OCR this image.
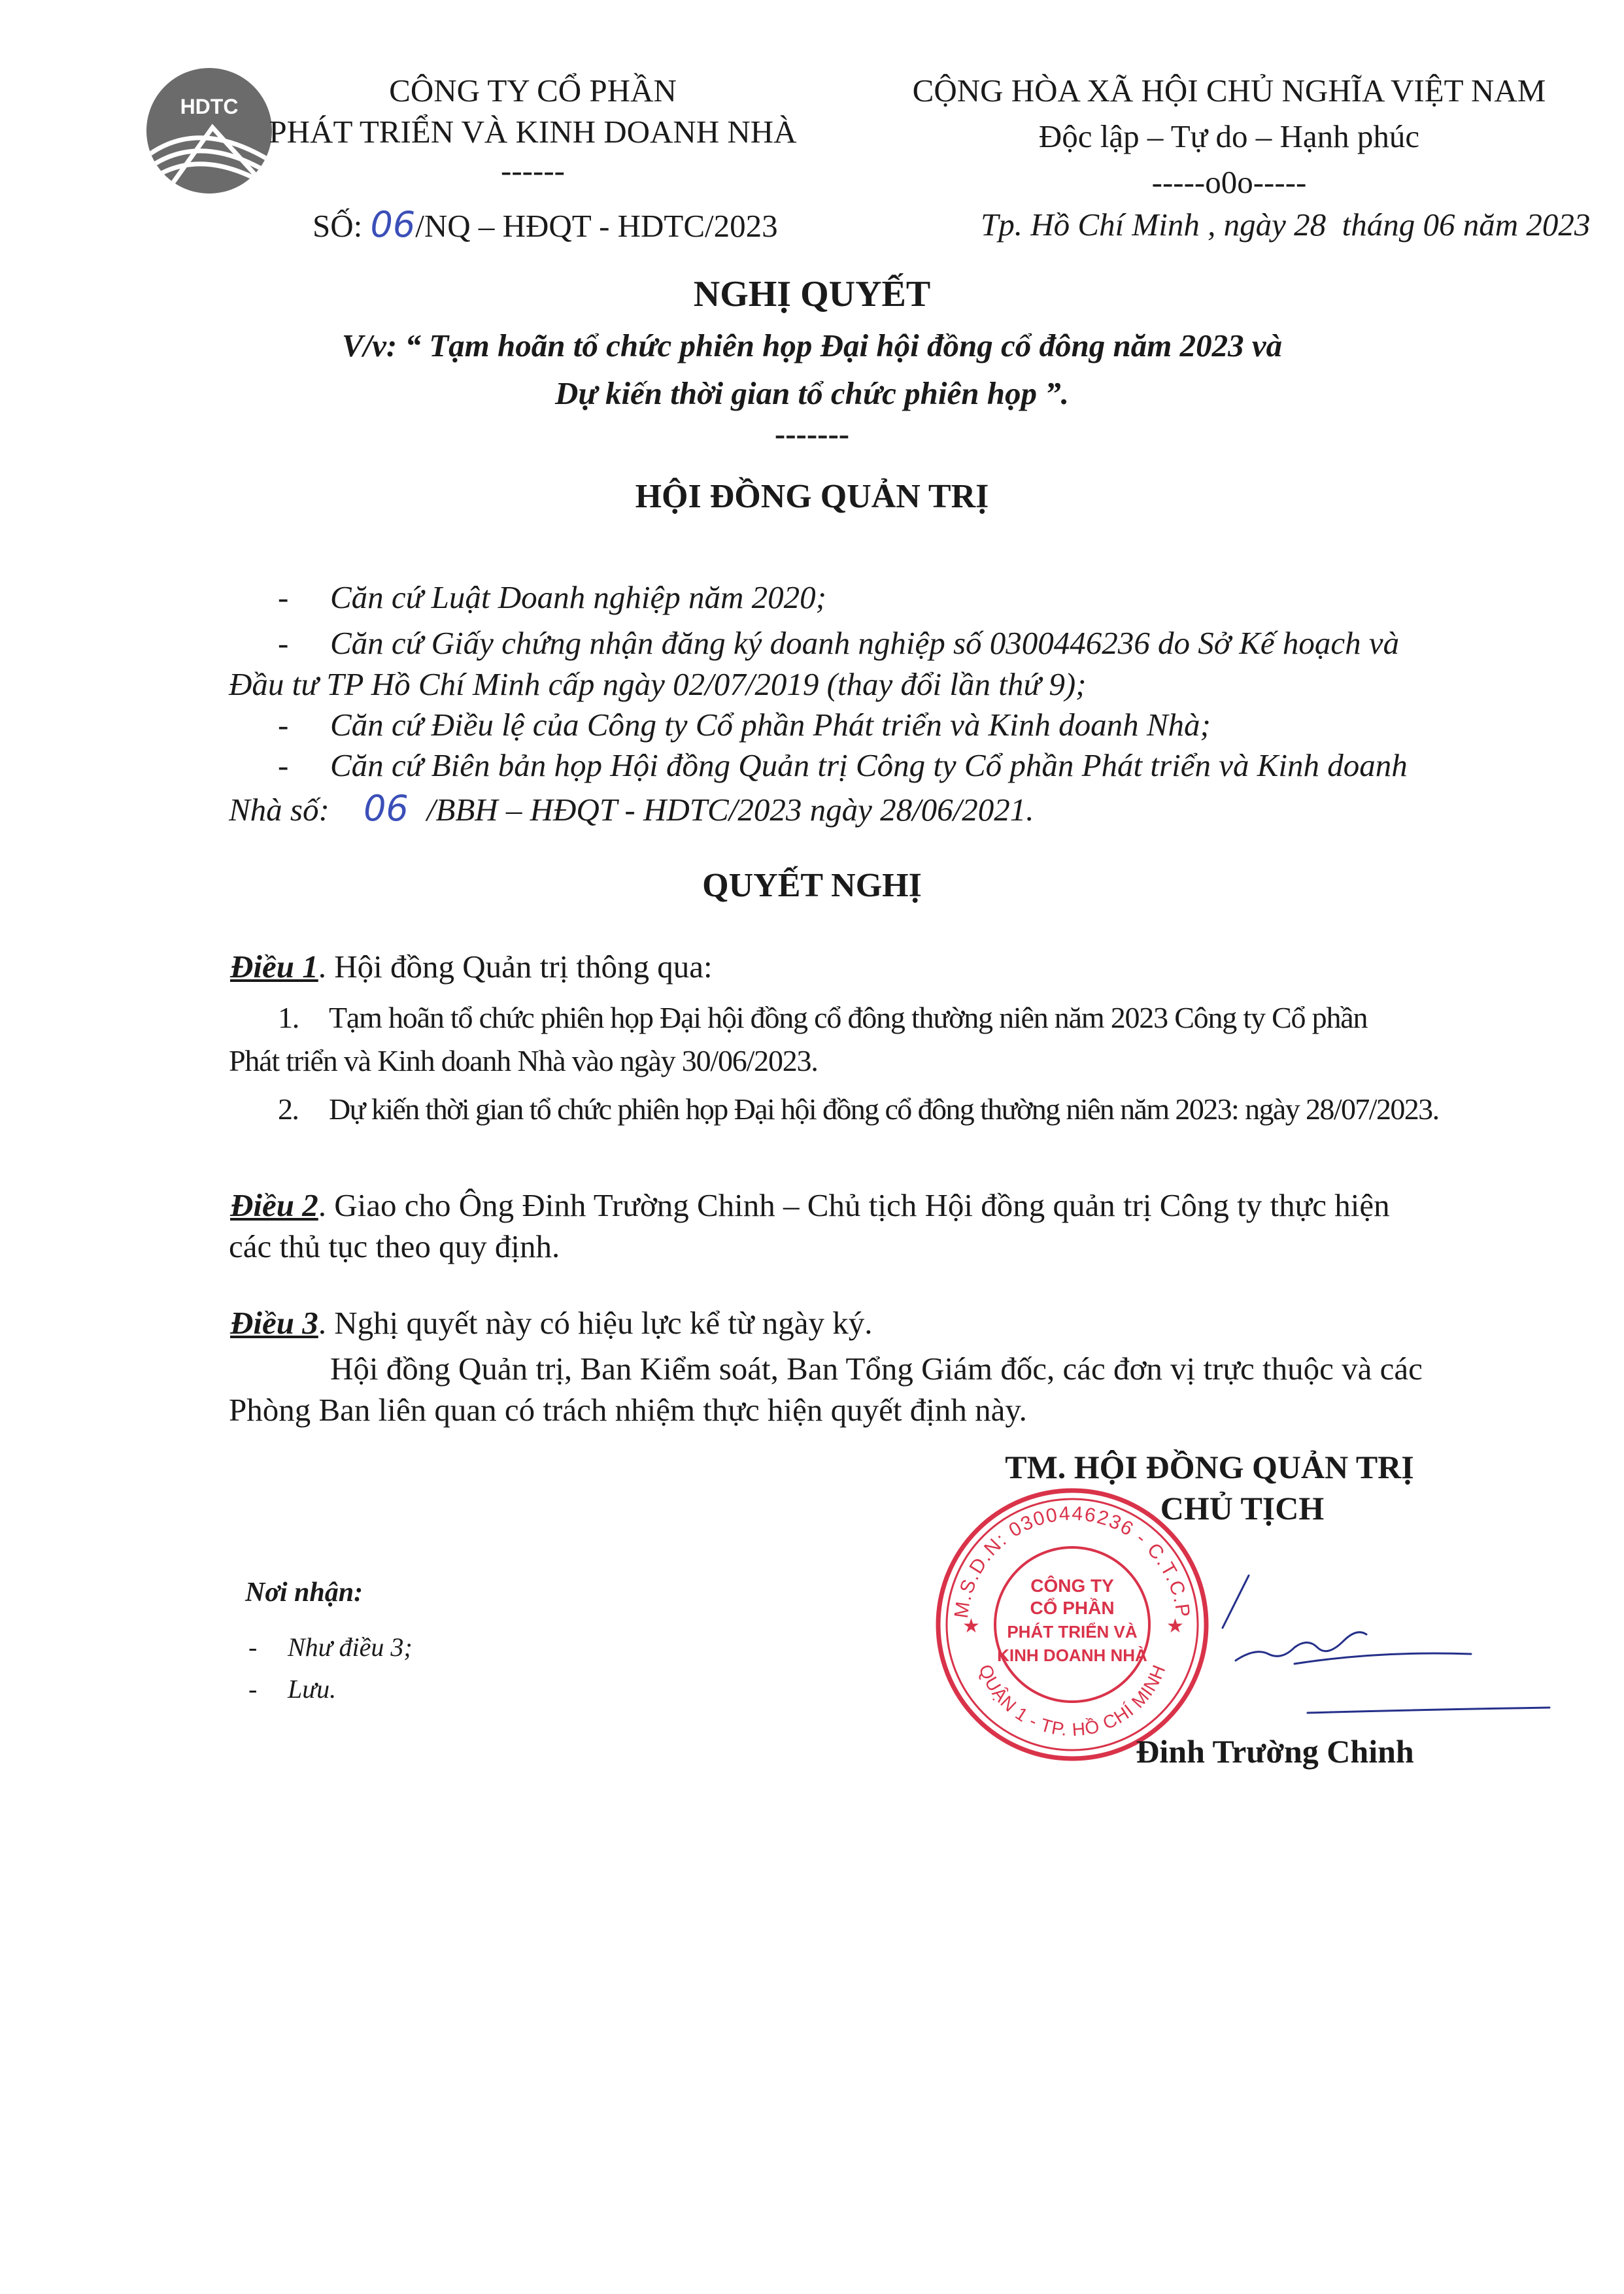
HDTC	CÔNG TY CỔ PHẦN
PHÁT TRIỂN VÀ KINH DOANH NHÀ
------
SỐ: 06/NQ – HĐQT - HDTC/2023
CỘNG HÒA XÃ HỘI CHỦ NGHĨA VIỆT NAM
Độc lập – Tự do – Hạnh phúc
-----o0o-----
Tp. Hồ Chí Minh , ngày 28  tháng 06 năm 2023
NGHỊ QUYẾT
V/v: “ Tạm hoãn tổ chức phiên họp Đại hội đồng cổ đông năm 2023 và
Dự kiến thời gian tổ chức phiên họp ”.
-------
HỘI ĐỒNG QUẢN TRỊ
- Căn cứ Luật Doanh nghiệp năm 2020;
- Căn cứ Giấy chứng nhận đăng ký doanh nghiệp số 0300446236 do Sở Kế hoạch và
Đầu tư TP Hồ Chí Minh cấp ngày 02/07/2019 (thay đổi lần thứ 9);
- Căn cứ Điều lệ của Công ty Cổ phần Phát triển và Kinh doanh Nhà;
- Căn cứ Biên bản họp Hội đồng Quản trị Công ty Cổ phần Phát triển và Kinh doanh
Nhà số: 06 /BBH – HĐQT - HDTC/2023 ngày 28/06/2021.
QUYẾT NGHỊ
Điều 1. Hội đồng Quản trị thông qua:
1. Tạm hoãn tổ chức phiên họp Đại hội đồng cổ đông thường niên năm 2023 Công ty Cổ phần
Phát triển và Kinh doanh Nhà vào ngày 30/06/2023.
2. Dự kiến thời gian tổ chức phiên họp Đại hội đồng cổ đông thường niên năm 2023: ngày 28/07/2023.
Điều 2. Giao cho Ông Đinh Trường Chinh – Chủ tịch Hội đồng quản trị Công ty thực hiện
các thủ tục theo quy định.
Điều 3. Nghị quyết này có hiệu lực kể từ ngày ký.
Hội đồng Quản trị, Ban Kiểm soát, Ban Tổng Giám đốc, các đơn vị trực thuộc và các
Phòng Ban liên quan có trách nhiệm thực hiện quyết định này.
TM. HỘI ĐỒNG QUẢN TRỊ
CHỦ TỊCH
Nơi nhận:
- Như điều 3;
- Lưu.
M.S.D.N: 0300446236 - C.T.C.P
QUẬN 1 - TP. HỒ CHÍ MINH
★	★
CÔNG TY
CỔ PHẦN
PHÁT TRIỂN VÀ
KINH DOANH NHÀ
Đinh Trường Chinh
